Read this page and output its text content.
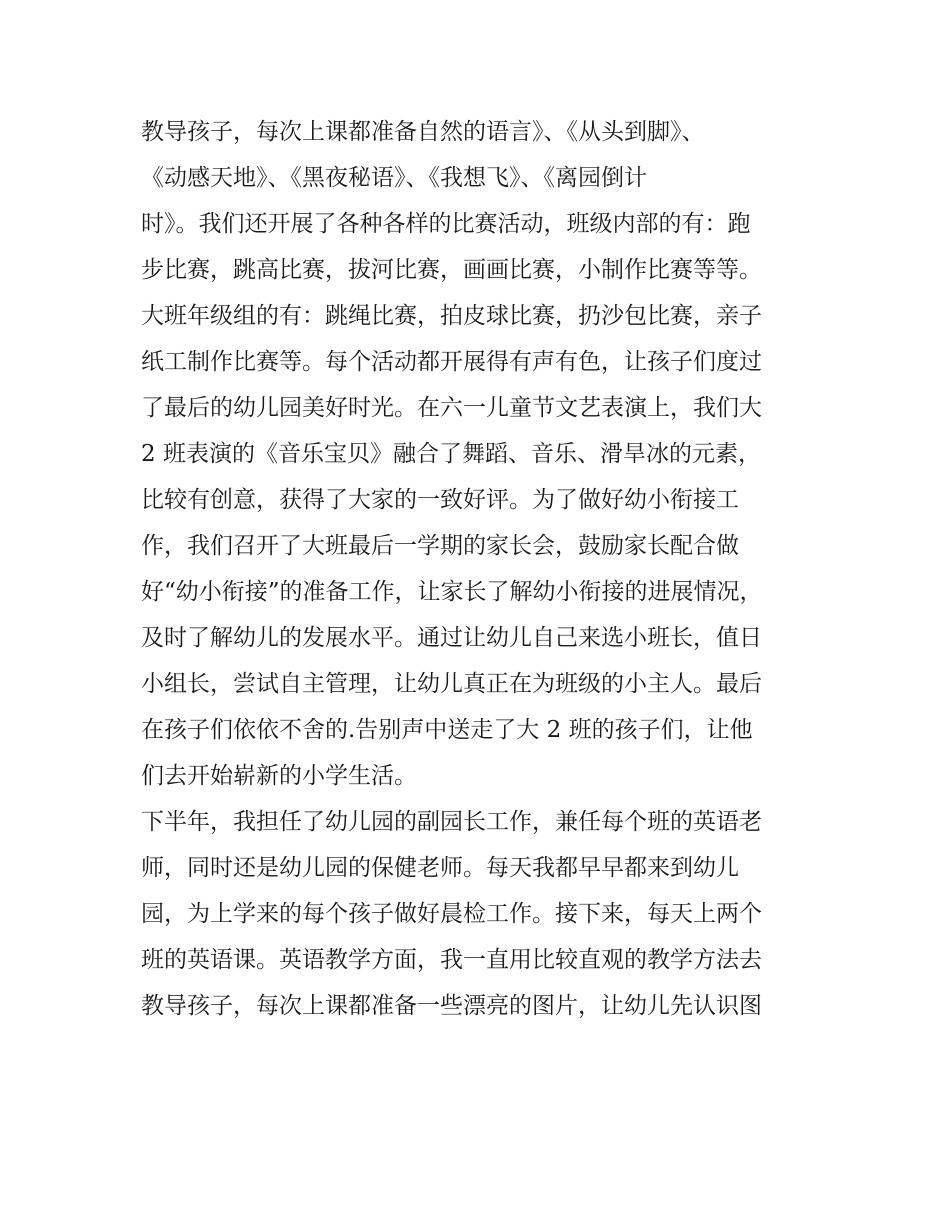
教导孩子，每次上课都准备自然的语言》、《从头到脚》、

《动感天地》、《黑夜秘语》、《我想飞》、《离园倒计

时》。我们还开展了各种各样的比赛活动，班级内部的有：跑

步比赛，跳高比赛，拔河比赛，画画比赛，小制作比赛等等。

大班年级组的有：跳绳比赛，拍皮球比赛，扔沙包比赛，亲子

纸工制作比赛等。每个活动都开展得有声有色，让孩子们度过

了最后的幼儿园美好时光。在六一儿童节文艺表演上，我们大

2 班表演的《音乐宝贝》融合了舞蹈、音乐、滑旱冰的元素，

比较有创意，获得了大家的一致好评。为了做好幼小衔接工

作，我们召开了大班最后一学期的家长会，鼓励家长配合做

好“幼小衔接”的准备工作，让家长了解幼小衔接的进展情况，

及时了解幼儿的发展水平。通过让幼儿自己来选小班长，值日

小组长，尝试自主管理，让幼儿真正在为班级的小主人。最后

在孩子们依依不舍的.告别声中送走了大 2 班的孩子们，让他

们去开始崭新的小学生活。

下半年，我担任了幼儿园的副园长工作，兼任每个班的英语老

师，同时还是幼儿园的保健老师。每天我都早早都来到幼儿

园，为上学来的每个孩子做好晨检工作。接下来，每天上两个

班的英语课。英语教学方面，我一直用比较直观的教学方法去

教导孩子，每次上课都准备一些漂亮的图片，让幼儿先认识图
